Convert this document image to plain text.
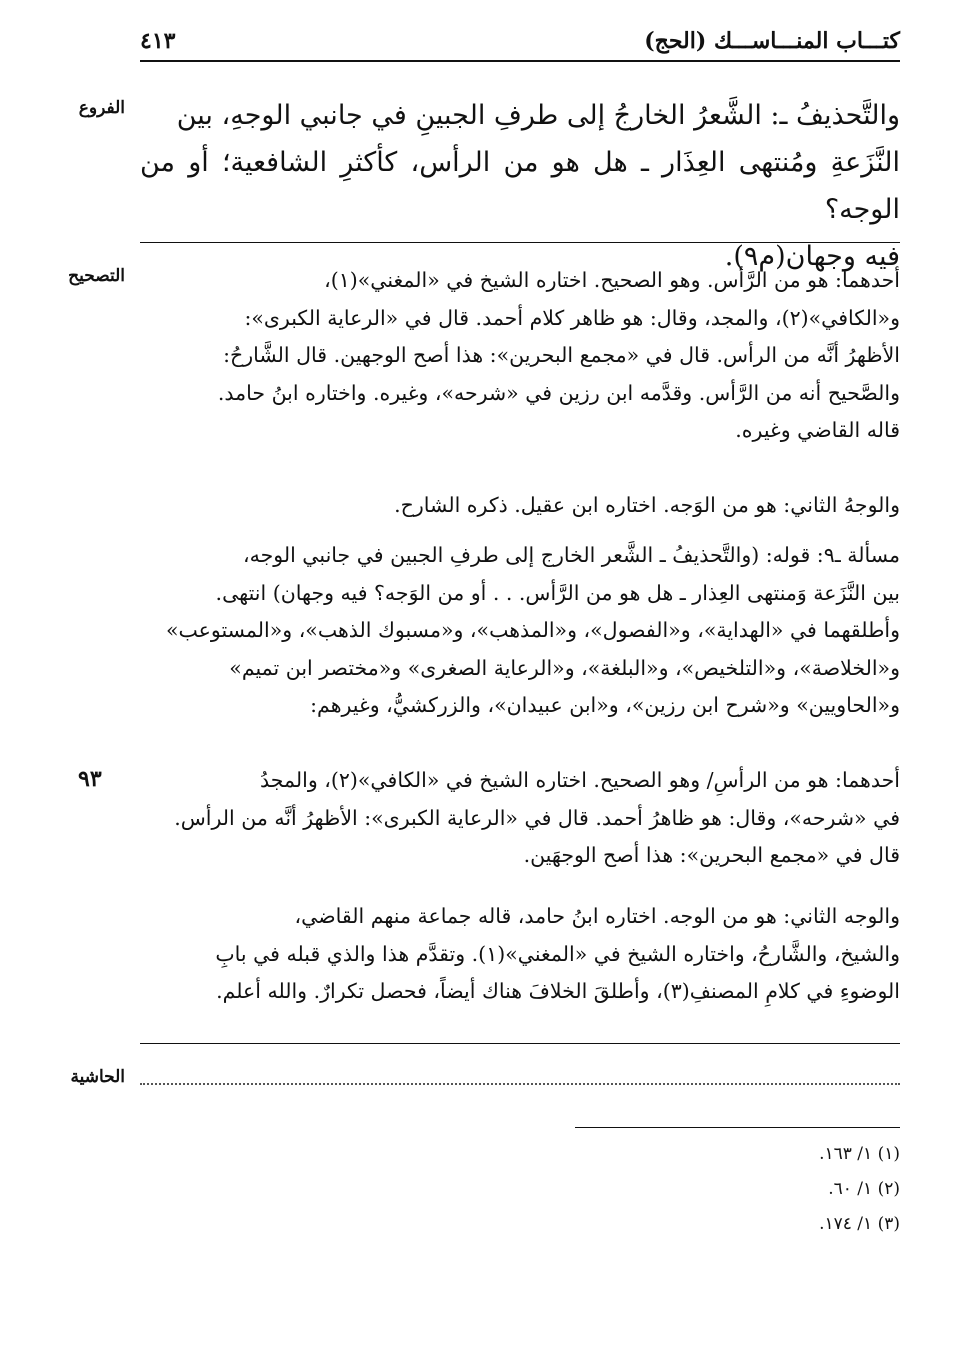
كتـــاب المنـــاســـك (الحج)
٤١٣
الفروع	والتَّحذيفُ ـ: الشَّعرُ الخارجُ إلى طرفِ الجبينِ في جانبي الوجهِ، بين
النَّزَعةِ ومُنتهى العِذَار ـ هل هو من الرأس، كأكثرِ الشافعية؛ أو من الوجه؟
فيه وجهان(م٩).
التصحيح	أحدهما: هو من الرَّأس. وهو الصحيح. اختاره الشيخ في «المغني»(١)،
و«الكافي»(٢)، والمجد، وقال: هو ظاهر كلام أحمد. قال في «الرعاية الكبرى»:
الأظهرُ أنَّه من الرأس. قال في «مجمع البحرين»: هذا أصح الوجهين. قال الشَّارحُ:
والصَّحيح أنه من الرَّأس. وقدَّمه ابن رزين في «شرحه»، وغيره. واختاره ابنُ حامد.
قاله القاضي وغيره.
والوجهُ الثاني: هو من الوَجه. اختاره ابن عقيل. ذكره الشارح.
مسألة ـ٩: قوله: (والتَّحذيفُ ـ الشَّعر الخارج إلى طرفِ الجبين في جانبي الوجه،
بين النَّزَعة وَمنتهى العِذار ـ هل هو من الرَّأس. . . أو من الوَجه؟ فيه وجهان) انتهى.
وأطلقهما في «الهداية»، و«الفصول»، و«المذهب»، و«مسبوك الذهب»، و«المستوعب»
و«الخلاصة»، و«التلخيص»، و«البلغة»، و«الرعاية الصغرى» و«مختصر ابن تميم»
و«الحاويين» و«شرح ابن رزين»، و«ابن عبيدان»، والزركشيُّ، وغيرهم:
٩٣	أحدهما: هو من الرأسِ/ وهو الصحيح. اختاره الشيخ في «الكافي»(٢)، والمجدُ
في «شرحه»، وقال: هو ظاهرُ أحمد. قال في «الرعاية الكبرى»: الأظهرُ أنَّه من الرأس.
قال في «مجمع البحرين»: هذا أصح الوجهَين.
والوجه الثاني: هو من الوجه. اختاره ابنُ حامد، قاله جماعة منهم القاضي،
والشيخ، والشَّارحُ، واختاره الشيخ في «المغني»(١). وتقدَّم هذا والذي قبله في بابِ
الوضوءِ في كلامِ المصنفِ(٣)، وأطلقَ الخلافَ هناك أيضاً، فحصل تكرارٌ. والله أعلم.
الحاشية
(١) ١/ ١٦٣.
(٢) ١/ ٦٠.
(٣) ١/ ١٧٤.
